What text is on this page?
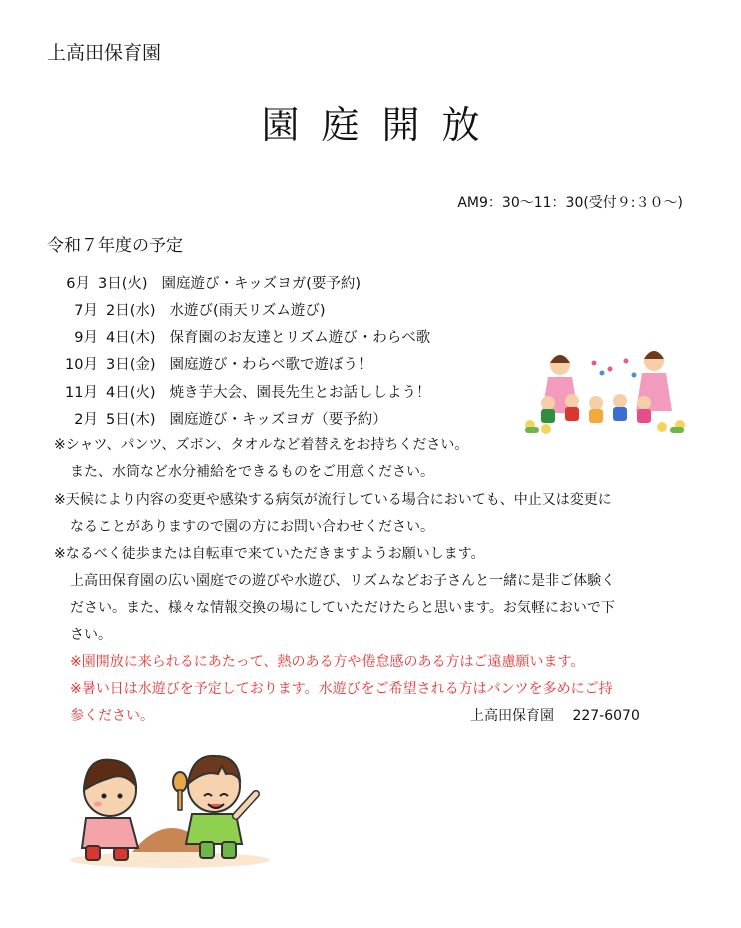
上高田保育園
園庭開放
AM9：30〜11：30(受付９:３０〜)
令和７年度の予定
6月 3日(火) 園庭遊び・キッズヨガ(要予約)
7月 2日(水) 水遊び(雨天リズム遊び)
9月 4日(木) 保育園のお友達とリズム遊び・わらべ歌
10月 3日(金) 園庭遊び・わらべ歌で遊ぼう！
11月 4日(火) 焼き芋大会、園長先生とお話ししよう！
2月 5日(木) 園庭遊び・キッズヨガ（要予約）
※シャツ、パンツ、ズボン、タオルなど着替えをお持ちください。
また、水筒など水分補給をできるものをご用意ください。
※天候により内容の変更や感染する病気が流行している場合においても、中止又は変更に
なることがありますので園の方にお問い合わせください。
※なるべく徒歩または自転車で来ていただきますようお願いします。
上高田保育園の広い園庭での遊びや水遊び、リズムなどお子さんと一緒に是非ご体験く
ださい。また、様々な情報交換の場にしていただけたらと思います。お気軽においで下
さい。
※園開放に来られるにあたって、熱のある方や倦怠感のある方はご遠慮願います。
※暑い日は水遊びを予定しております。水遊びをご希望される方はパンツを多めにご持
参ください。	上高田保育園 227-6070
